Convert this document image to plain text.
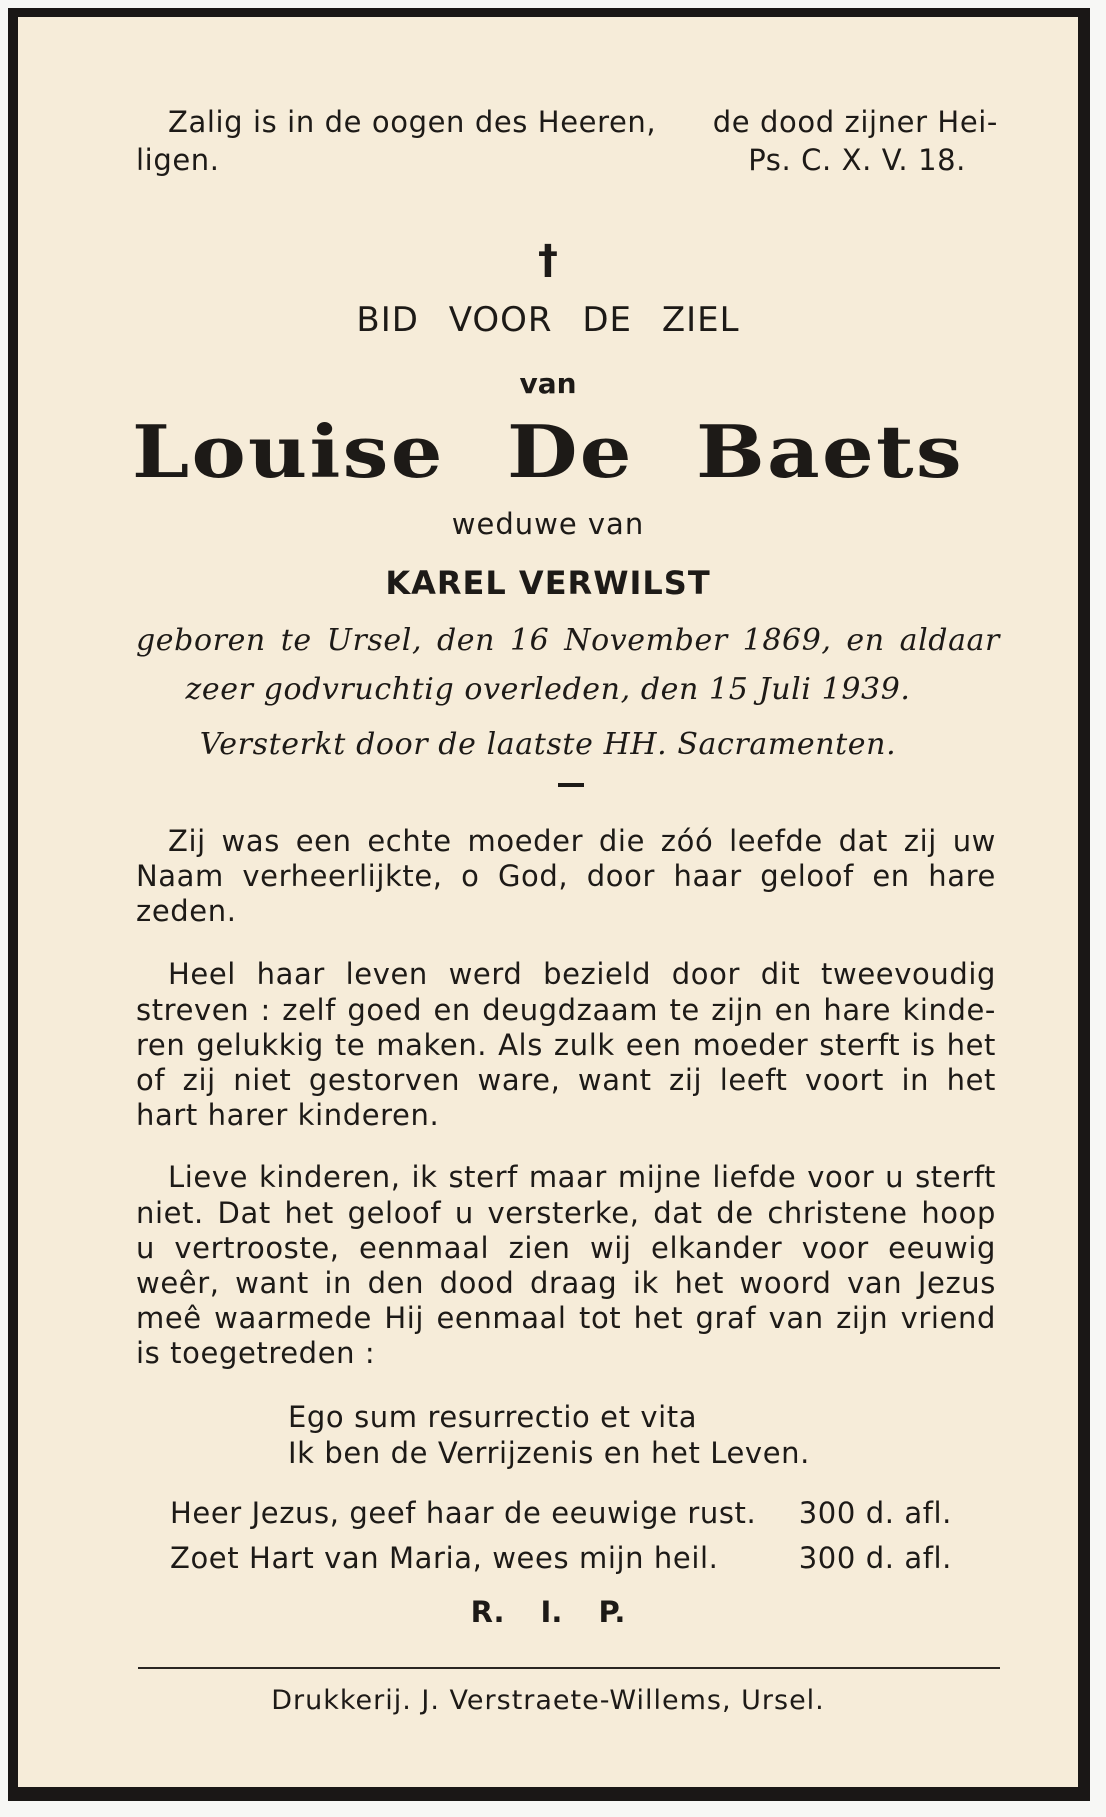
Zalig is in de oogen des Heeren, de dood zijner Hei-
ligen.	Ps. C. X. V. 18.
†
BID VOOR DE ZIEL
van
Louise De Baets
weduwe van
KAREL VERWILST
geboren te Ursel, den 16 November 1869, en aldaar
zeer godvruchtig overleden, den 15 Juli 1939.
Versterkt door de laatste HH. Sacramenten.
Zij was een echte moeder die zóó leefde dat zij uw
Naam verheerlijkte, o God, door haar geloof en hare
zeden.
Heel haar leven werd bezield door dit tweevoudig
streven : zelf goed en deugdzaam te zijn en hare kinde-
ren gelukkig te maken. Als zulk een moeder sterft is het
of zij niet gestorven ware, want zij leeft voort in het
hart harer kinderen.
Lieve kinderen, ik sterf maar mijne liefde voor u sterft
niet. Dat het geloof u versterke, dat de christene hoop
u vertrooste, eenmaal zien wij elkander voor eeuwig
weêr, want in den dood draag ik het woord van Jezus
meê waarmede Hij eenmaal tot het graf van zijn vriend
is toegetreden :
Ego sum resurrectio et vita
Ik ben de Verrijzenis en het Leven.
Heer Jezus, geef haar de eeuwige rust. 300 d. afl.
Zoet Hart van Maria, wees mijn heil.	300 d. afl.
R. I. P.
Drukkerij. J. Verstraete-Willems, Ursel.
